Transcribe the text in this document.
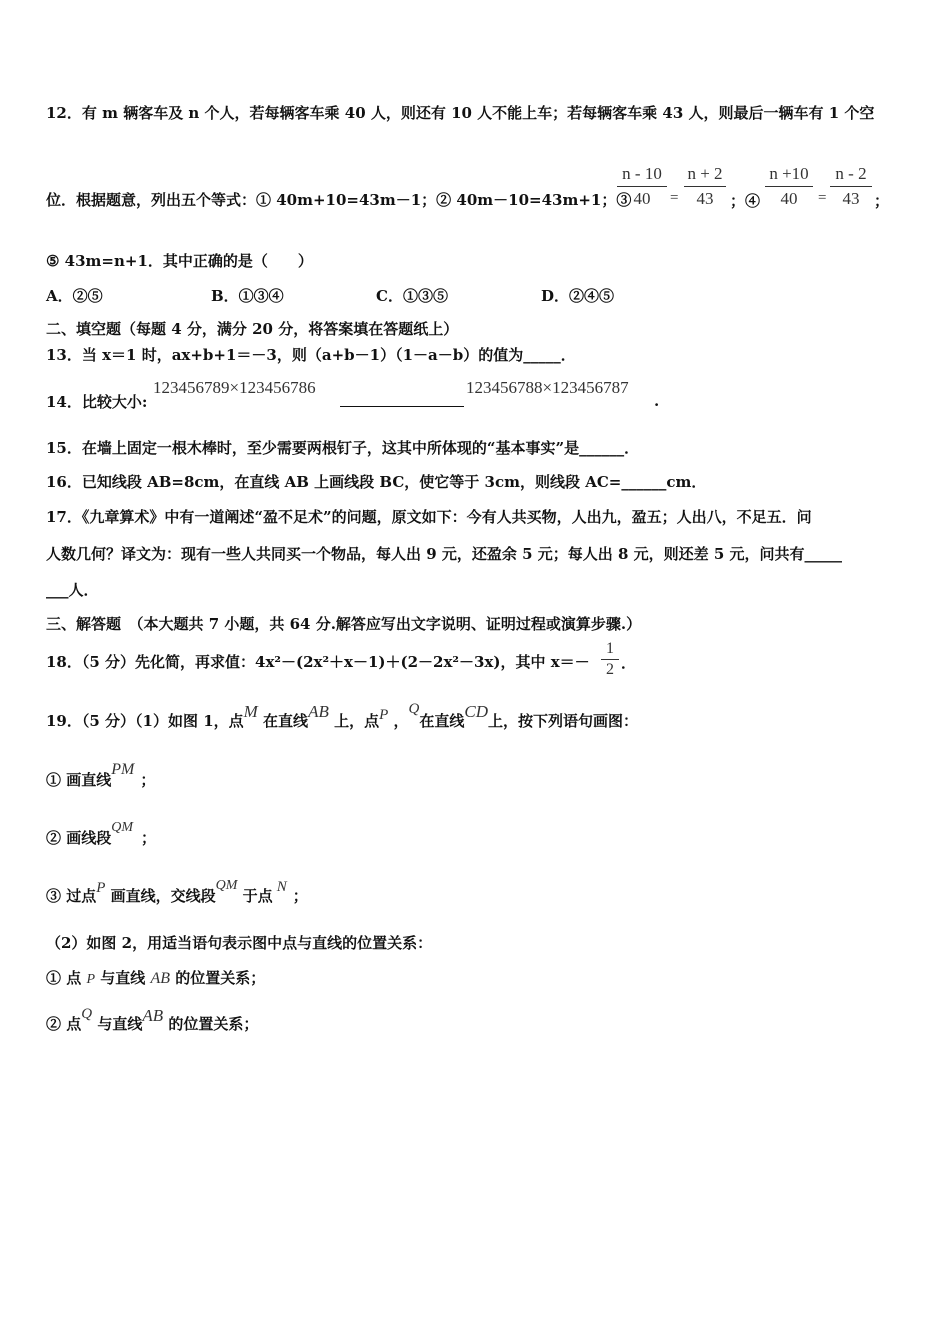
12．有 m 辆客车及 n 个人，若每辆客车乘 40 人，则还有 10 人不能上车；若每辆客车乘 43 人，则最后一辆车有 1 个空
位．根据题意，列出五个等式：① 40m+10=43m－1；② 40m－10=43m+1；③
n - 10
40	=
n + 2
43	；④
n +10
40	=
n - 2
43 ；
⑤ 43m=n+1．其中正确的是（　　）
A．②⑤	B．①③④	C．①③⑤	D．②④⑤
二、填空题（每题 4 分，满分 20 分，将答案填在答题纸上）
13．当 x＝1 时，ax+b+1＝－3，则（a+b－1）（1－a－b）的值为_____．
14．比较大小:
123456789×123456786	123456788×123456787
.
15．在墙上固定一根木棒时，至少需要两根钉子，这其中所体现的“基本事实”是______．
16．已知线段 AB=8cm，在直线 AB 上画线段 BC，使它等于 3cm，则线段 AC=______cm．
17．《九章算术》中有一道阐述“盈不足术”的问题，原文如下：今有人共买物，人出九，盈五；人出八，不足五．问
人数几何？译文为：现有一些人共同买一个物品，每人出 9 元，还盈余 5 元；每人出 8 元，则还差 5 元，问共有_____
___人．
三、解答题　（本大题共 7 小题，共 64 分.解答应写出文字说明、证明过程或演算步骤.）
18．（5 分）先化简，再求值：4x²－(2x²＋x－1)＋(2－2x²－3x)，其中 x＝－
1
2 ．
19．（5 分）（1）如图 1，点M 在直线AB 上，点P ，Q在直线CD上，按下列语句画图：
① 画直线PM；
② 画线段QM；
③ 过点P 画直线，交线段QM 于点 N ；
（2）如图 2，用适当语句表示图中点与直线的位置关系：
① 点 P 与直线 AB 的位置关系；
② 点Q 与直线AB 的位置关系；
